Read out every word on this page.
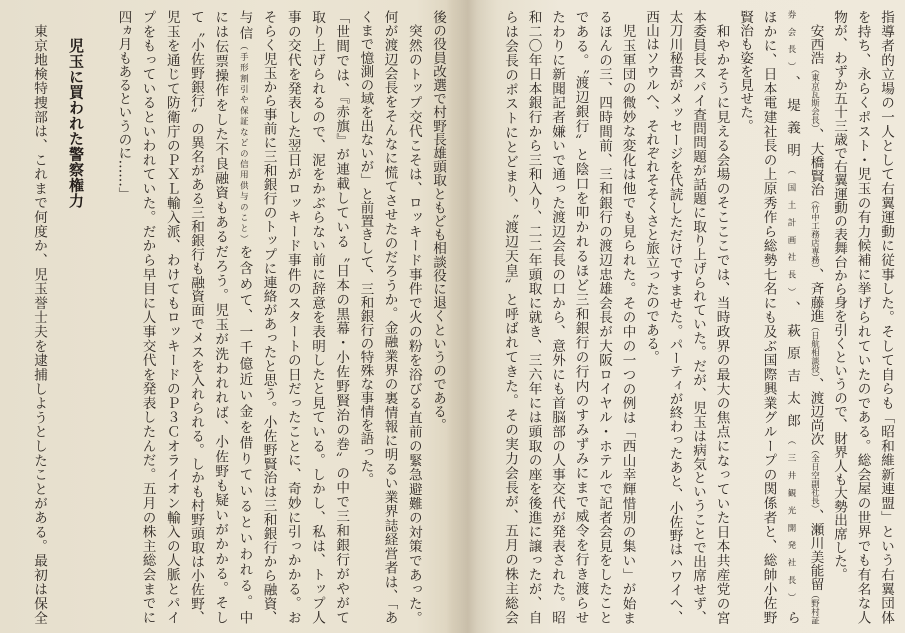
児玉に買われた警察権力	後の役員改選で村野長雄頭取ともども相談役に退くというのである。
突然のトップ交代こそは、ロッキード事件で火の粉を浴びる直前の緊急避難の対策であった。
何が渡辺会長をそんなに慌てさせたのだろうか。金融業界の裏情報に明るい業界誌経営者は、「あ
くまで憶測の域を出ないが」と前置きして、三和銀行の特殊な事情を語った。
「世間では、『赤旗』が連載している〝日本の黒幕・小佐野賢治の巻〟の中で三和銀行がやがて
取り上げられるので、泥をかぶらない前に辞意を表明したと見ている。しかし、私は、トップ人
事の交代を発表した翌日がロッキード事件のスタートの日だったことに、奇妙に引っかかる。お
そらく児玉から事前に三和銀行のトップに連絡があったと思う。小佐野賢治は三和銀行から融資、
与信（手形割引や保証などの信用供与のこと）を含めて、一千億近い金を借りているといわれる。中
には伝票操作をした不良融資もあるだろう。児玉が洗われれば、小佐野も疑いがかかる。そし
て〝小佐野銀行〟の異名がある三和銀行も融資面でメスを入れられる。しかも村野頭取は小佐野、
児玉を通じて防衛庁のＰＸＬ輸入派、わけてもロッキードのＰ３Ｃオライオン輸入の人脈とパイ
プをもっているといわれていた。だから早目に人事交代を発表したんだ。五月の株主総会までに
四ヵ月もあるというのに……」
東京地検特捜部は、これまで何度か、児玉誉士夫を逮捕しようとしたことがある。最初は保全	指導者的立場の一人として右翼運動に従事した。そして自らも「昭和維新連盟」という右翼団体
を持ち、永らくポスト・児玉の有力候補に挙げられていたのである。総会屋の世界でも有名な人
物が、わずか五十三歳で右翼運動の表舞台から身を引くというので、財界人も大勢出席した。
安西浩（東京瓦斯会長）、大橋賢治（竹中工務店専務）、斉藤進（日航相談役）、渡辺尚次（全日空副社長）、瀬川美能留（野村証
券会長）、堤義明（国土計画社長）、萩原吉太郎（三井観光開発社長）ら
ほかに、日本電建社長の上原秀作ら総勢七名にも及ぶ国際興業グループの関係者と、総帥小佐野
賢治も姿を見せた。
和やかそうに見える会場のそこここでは、当時政界の最大の焦点になっていた日本共産党の宮
本委員長スパイ査問問題が話題に取り上げられていた。だが、児玉は病気ということで出席せず、
太刀川秘書がメッセージを代読しただけですませた。パーティが終わったあと、小佐野はハワイへ、
西山はソウルへ、それぞれそそくさと旅立ったのである。
児玉軍団の微妙な変化は他でも見られた。その中の一つの例は「西山幸輝惜別の集い」が始ま
るほんの三、四時間前、三和銀行の渡辺忠雄会長が大阪ロイヤル・ホテルで記者会見をしたこと
である。〝渡辺銀行〟と陰口を叩かれるほど三和銀行の行内のすみずみにまで威令を行き渡らせ
たわりに新聞記者嫌いで通った渡辺会長の口から、意外にも首脳部の人事交代が発表された。昭
和二〇年日本銀行から三和入り、二二年頭取に就き、三六年には頭取の座を後進に譲ったが、自
らは会長のポストにとどまり、〝渡辺天皇〟と呼ばれてきた。その実力会長が、五月の株主総会
